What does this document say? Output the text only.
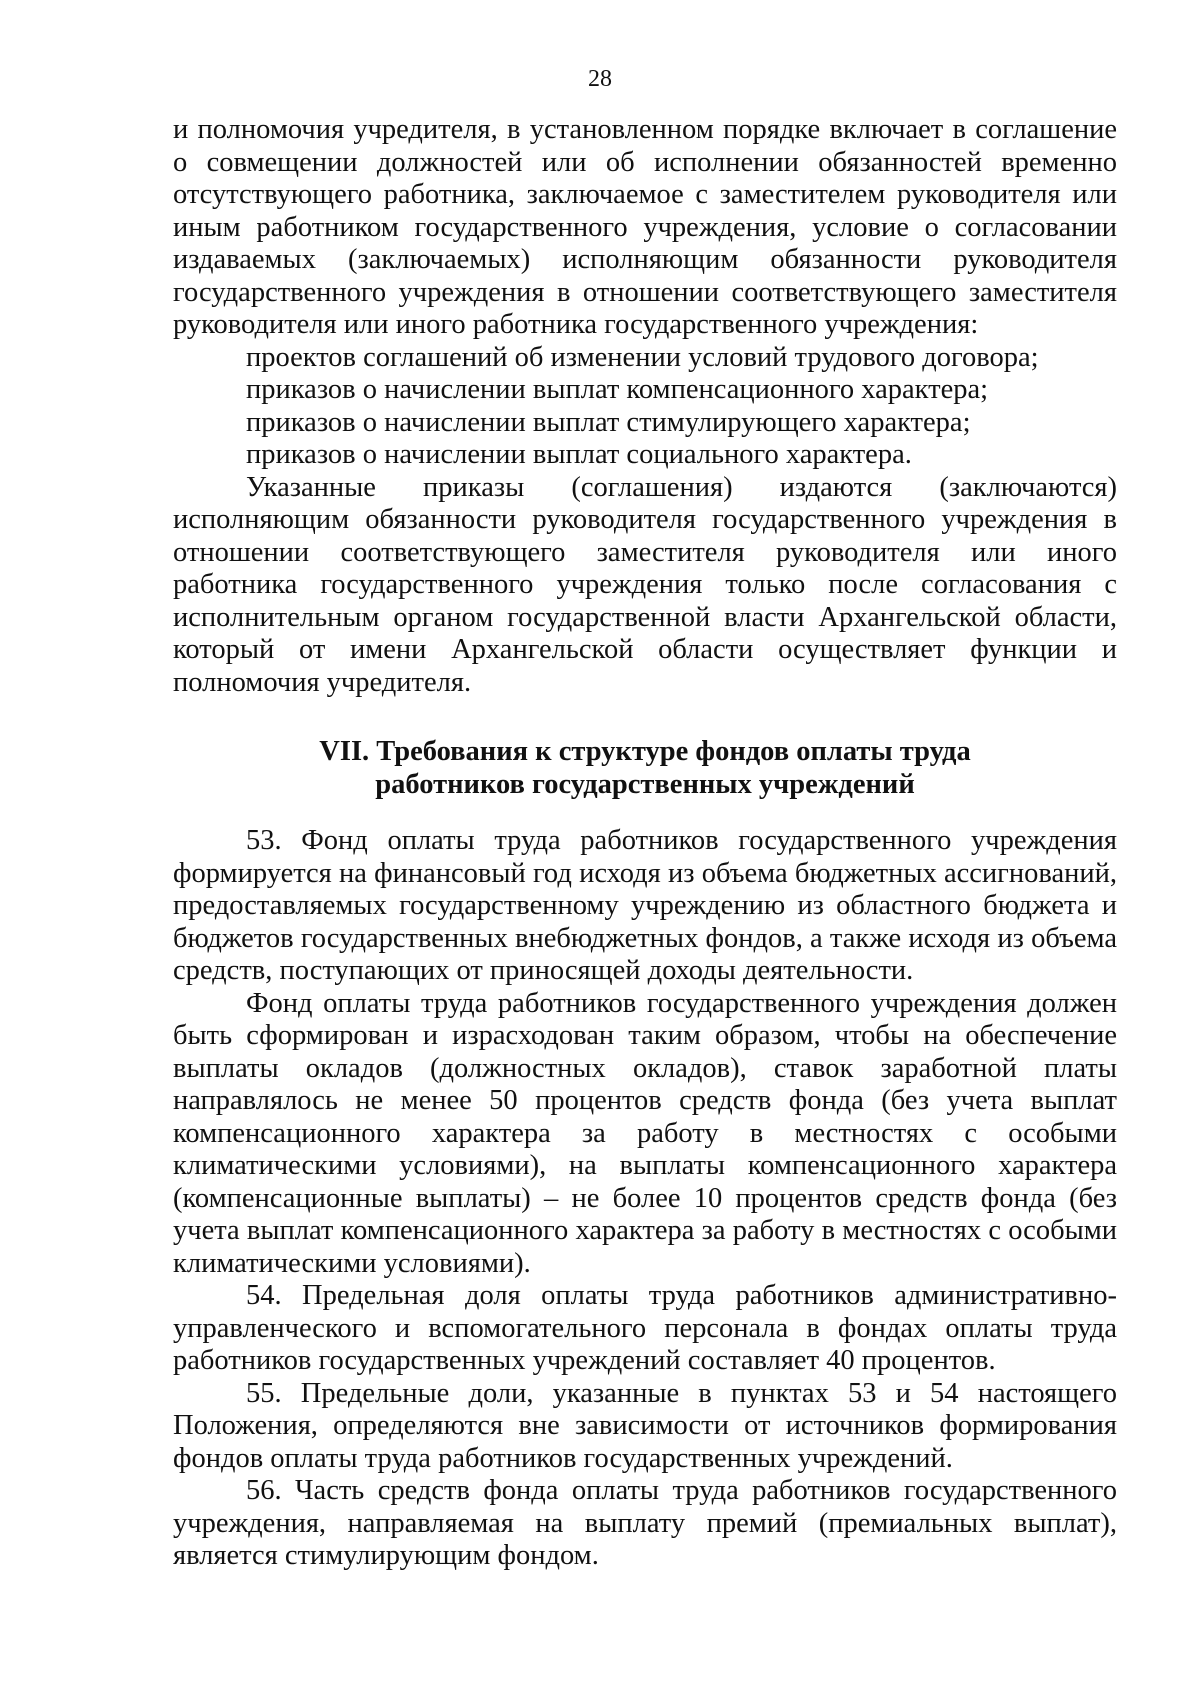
28

и полномочия учредителя, в установленном порядке включает в соглашение о совмещении должностей или об исполнении обязанностей временно отсутствующего работника, заключаемое с заместителем руководителя или иным работником государственного учреждения, условие о согласовании издаваемых (заключаемых) исполняющим обязанности руководителя государственного учреждения в отношении соответствующего заместителя руководителя или иного работника государственного учреждения:

проектов соглашений об изменении условий трудового договора;

приказов о начислении выплат компенсационного характера;

приказов о начислении выплат стимулирующего характера;

приказов о начислении выплат социального характера.

Указанные приказы (соглашения) издаются (заключаются) исполняющим обязанности руководителя государственного учреждения в отношении соответствующего заместителя руководителя или иного работника государственного учреждения только после согласования с исполнительным органом государственной власти Архангельской области, который от имени Архангельской области осуществляет функции и полномочия учредителя.

VII. Требования к структуре фондов оплаты труда
работников государственных учреждений

53. Фонд оплаты труда работников государственного учреждения формируется на финансовый год исходя из объема бюджетных ассигнований, предоставляемых государственному учреждению из областного бюджета и бюджетов государственных внебюджетных фондов, а также исходя из объема средств, поступающих от приносящей доходы деятельности.

Фонд оплаты труда работников государственного учреждения должен быть сформирован и израсходован таким образом, чтобы на обеспечение выплаты окладов (должностных окладов), ставок заработной платы направлялось не менее 50 процентов средств фонда (без учета выплат компенсационного характера за работу в местностях с особыми климатическими условиями), на выплаты компенсационного характера (компенсационные выплаты) – не более 10 процентов средств фонда (без учета выплат компенсационного характера за работу в местностях с особыми климатическими условиями).

54. Предельная доля оплаты труда работников административно-управленческого и вспомогательного персонала в фондах оплаты труда работников государственных учреждений составляет 40 процентов.

55. Предельные доли, указанные в пунктах 53 и 54 настоящего Положения, определяются вне зависимости от источников формирования фондов оплаты труда работников государственных учреждений.

56. Часть средств фонда оплаты труда работников государственного учреждения, направляемая на выплату премий (премиальных выплат), является стимулирующим фондом.
